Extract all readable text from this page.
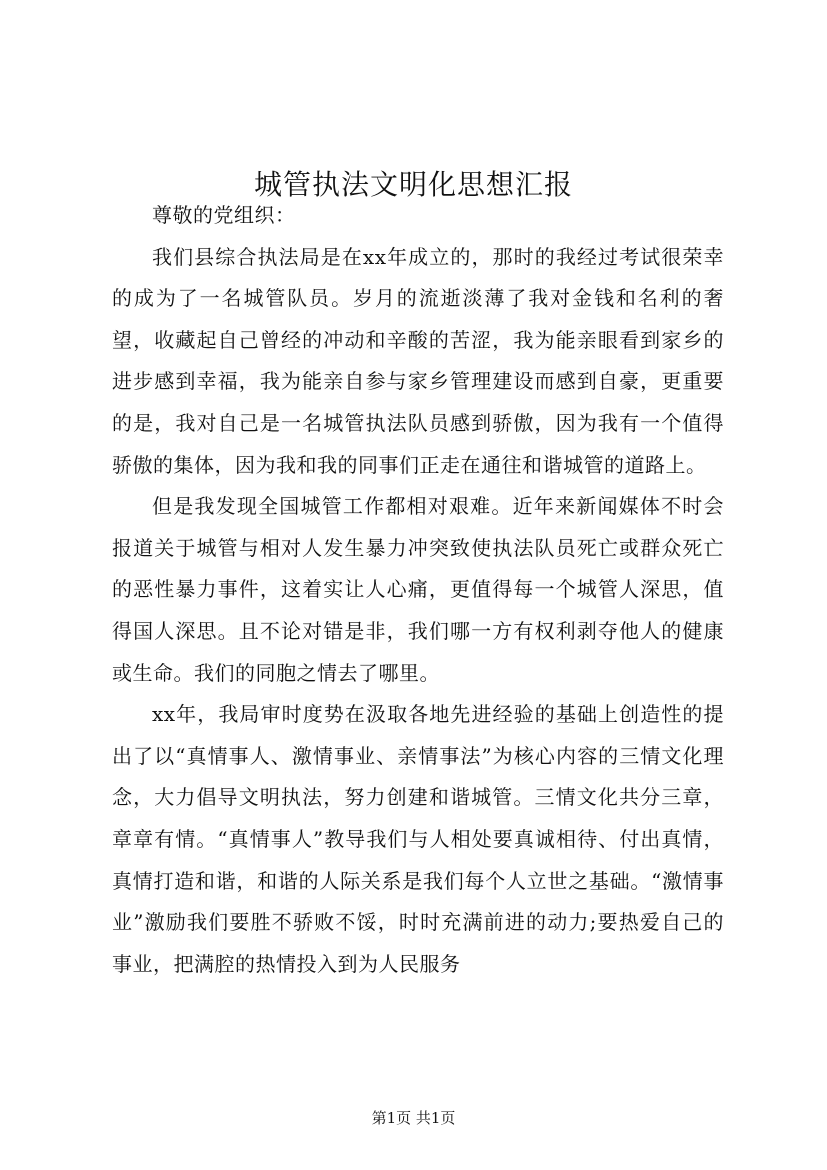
城管执法文明化思想汇报

尊敬的党组织：

我们县综合执法局是在xx年成立的，那时的我经过考试很荣幸的成为了一名城管队员。岁月的流逝淡薄了我对金钱和名利的奢望，收藏起自己曾经的冲动和辛酸的苦涩，我为能亲眼看到家乡的进步感到幸福，我为能亲自参与家乡管理建设而感到自豪，更重要的是，我对自己是一名城管执法队员感到骄傲，因为我有一个值得骄傲的集体，因为我和我的同事们正走在通往和谐城管的道路上。

但是我发现全国城管工作都相对艰难。近年来新闻媒体不时会报道关于城管与相对人发生暴力冲突致使执法队员死亡或群众死亡的恶性暴力事件，这着实让人心痛，更值得每一个城管人深思，值得国人深思。且不论对错是非，我们哪一方有权利剥夺他人的健康或生命。我们的同胞之情去了哪里。

xx年，我局审时度势在汲取各地先进经验的基础上创造性的提出了以“真情事人、激情事业、亲情事法”为核心内容的三情文化理念，大力倡导文明执法，努力创建和谐城管。三情文化共分三章，章章有情。“真情事人”教导我们与人相处要真诚相待、付出真情，真情打造和谐，和谐的人际关系是我们每个人立世之基础。“激情事业”激励我们要胜不骄败不馁，时时充满前进的动力;要热爱自己的事业，把满腔的热情投入到为人民服务

第1页 共1页
